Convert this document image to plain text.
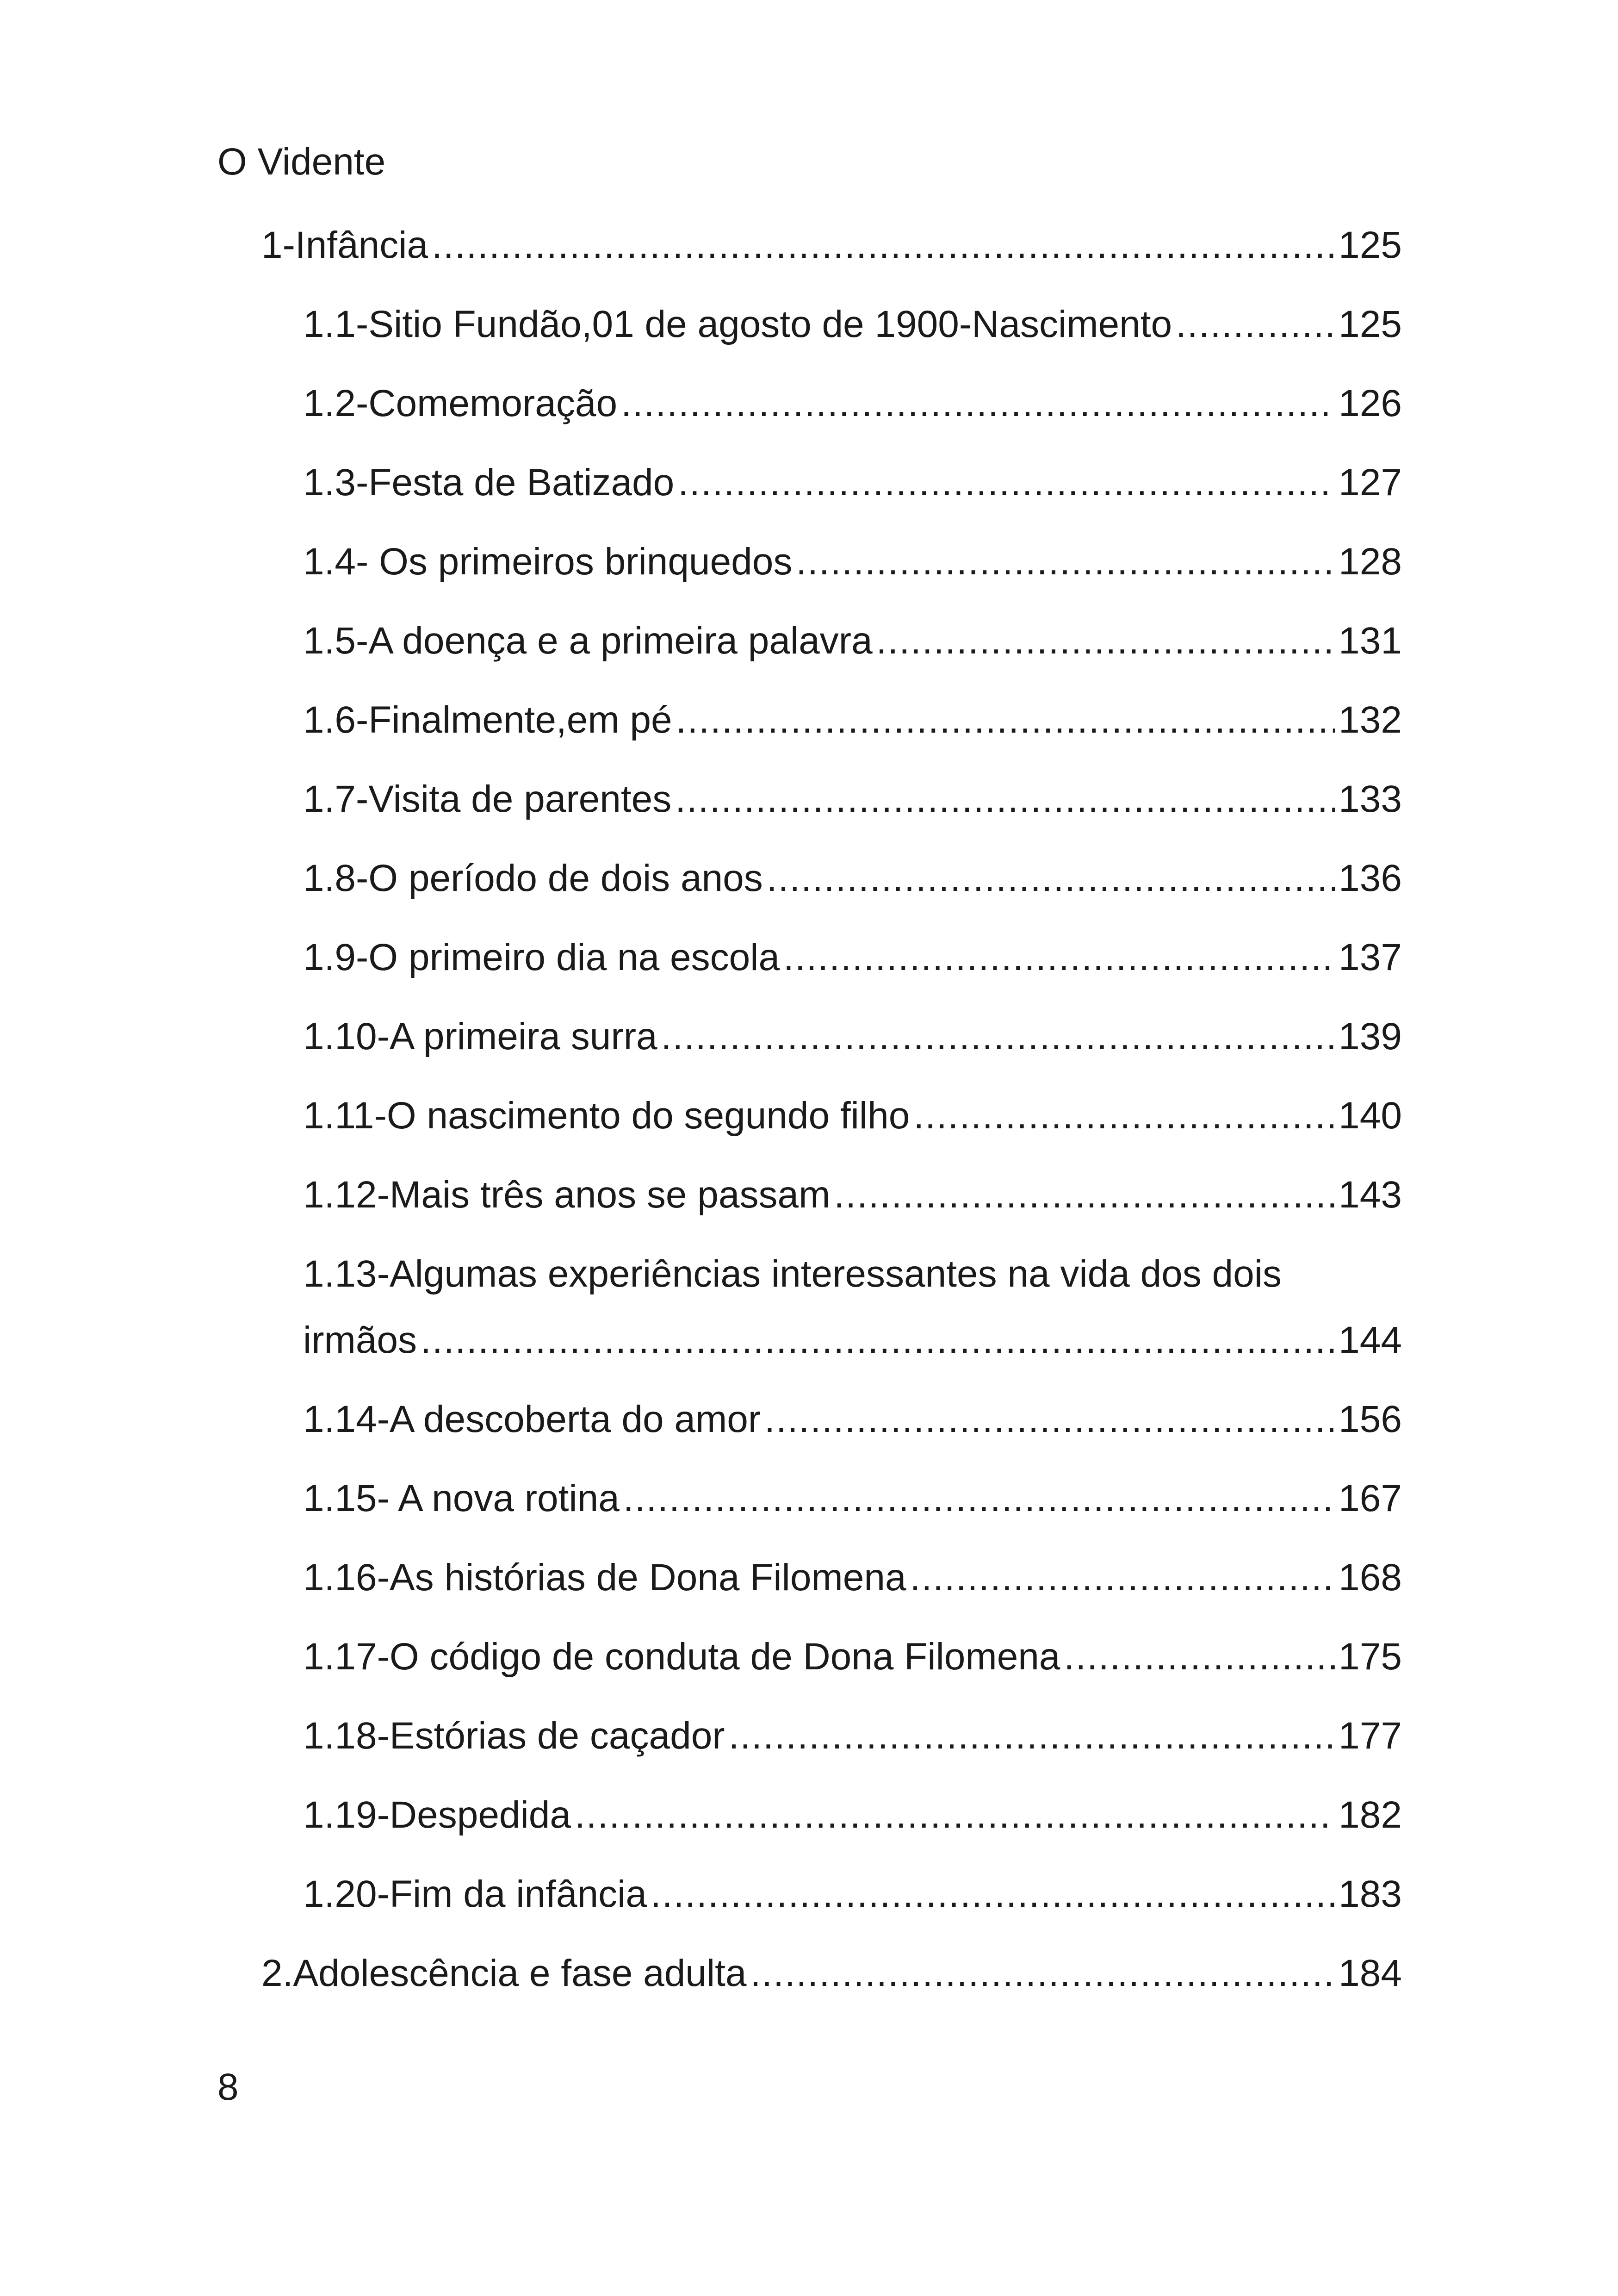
O Vidente
1-Infância .....	125
1.1-Sitio Fundão,01 de agosto de 1900-Nascimento .....	125
1.2-Comemoração .....	126
1.3-Festa de Batizado .....	127
1.4- Os primeiros brinquedos .....	128
1.5-A doença e a primeira palavra .....	131
1.6-Finalmente,em pé .....	132
1.7-Visita de parentes .....	133
1.8-O período de dois anos .....	136
1.9-O primeiro dia na escola .....	137
1.10-A primeira surra .....	139
1.11-O nascimento do segundo filho .....	140
1.12-Mais três anos se passam .....	143
1.13-Algumas experiências interessantes na vida dos dois
irmãos .....	144
1.14-A descoberta do amor .....	156
1.15- A nova rotina .....	167
1.16-As histórias de Dona Filomena .....	168
1.17-O código de conduta de Dona Filomena .....	175
1.18-Estórias de caçador .....	177
1.19-Despedida .....	182
1.20-Fim da infância .....	183
2.Adolescência e fase adulta .....	184
8
